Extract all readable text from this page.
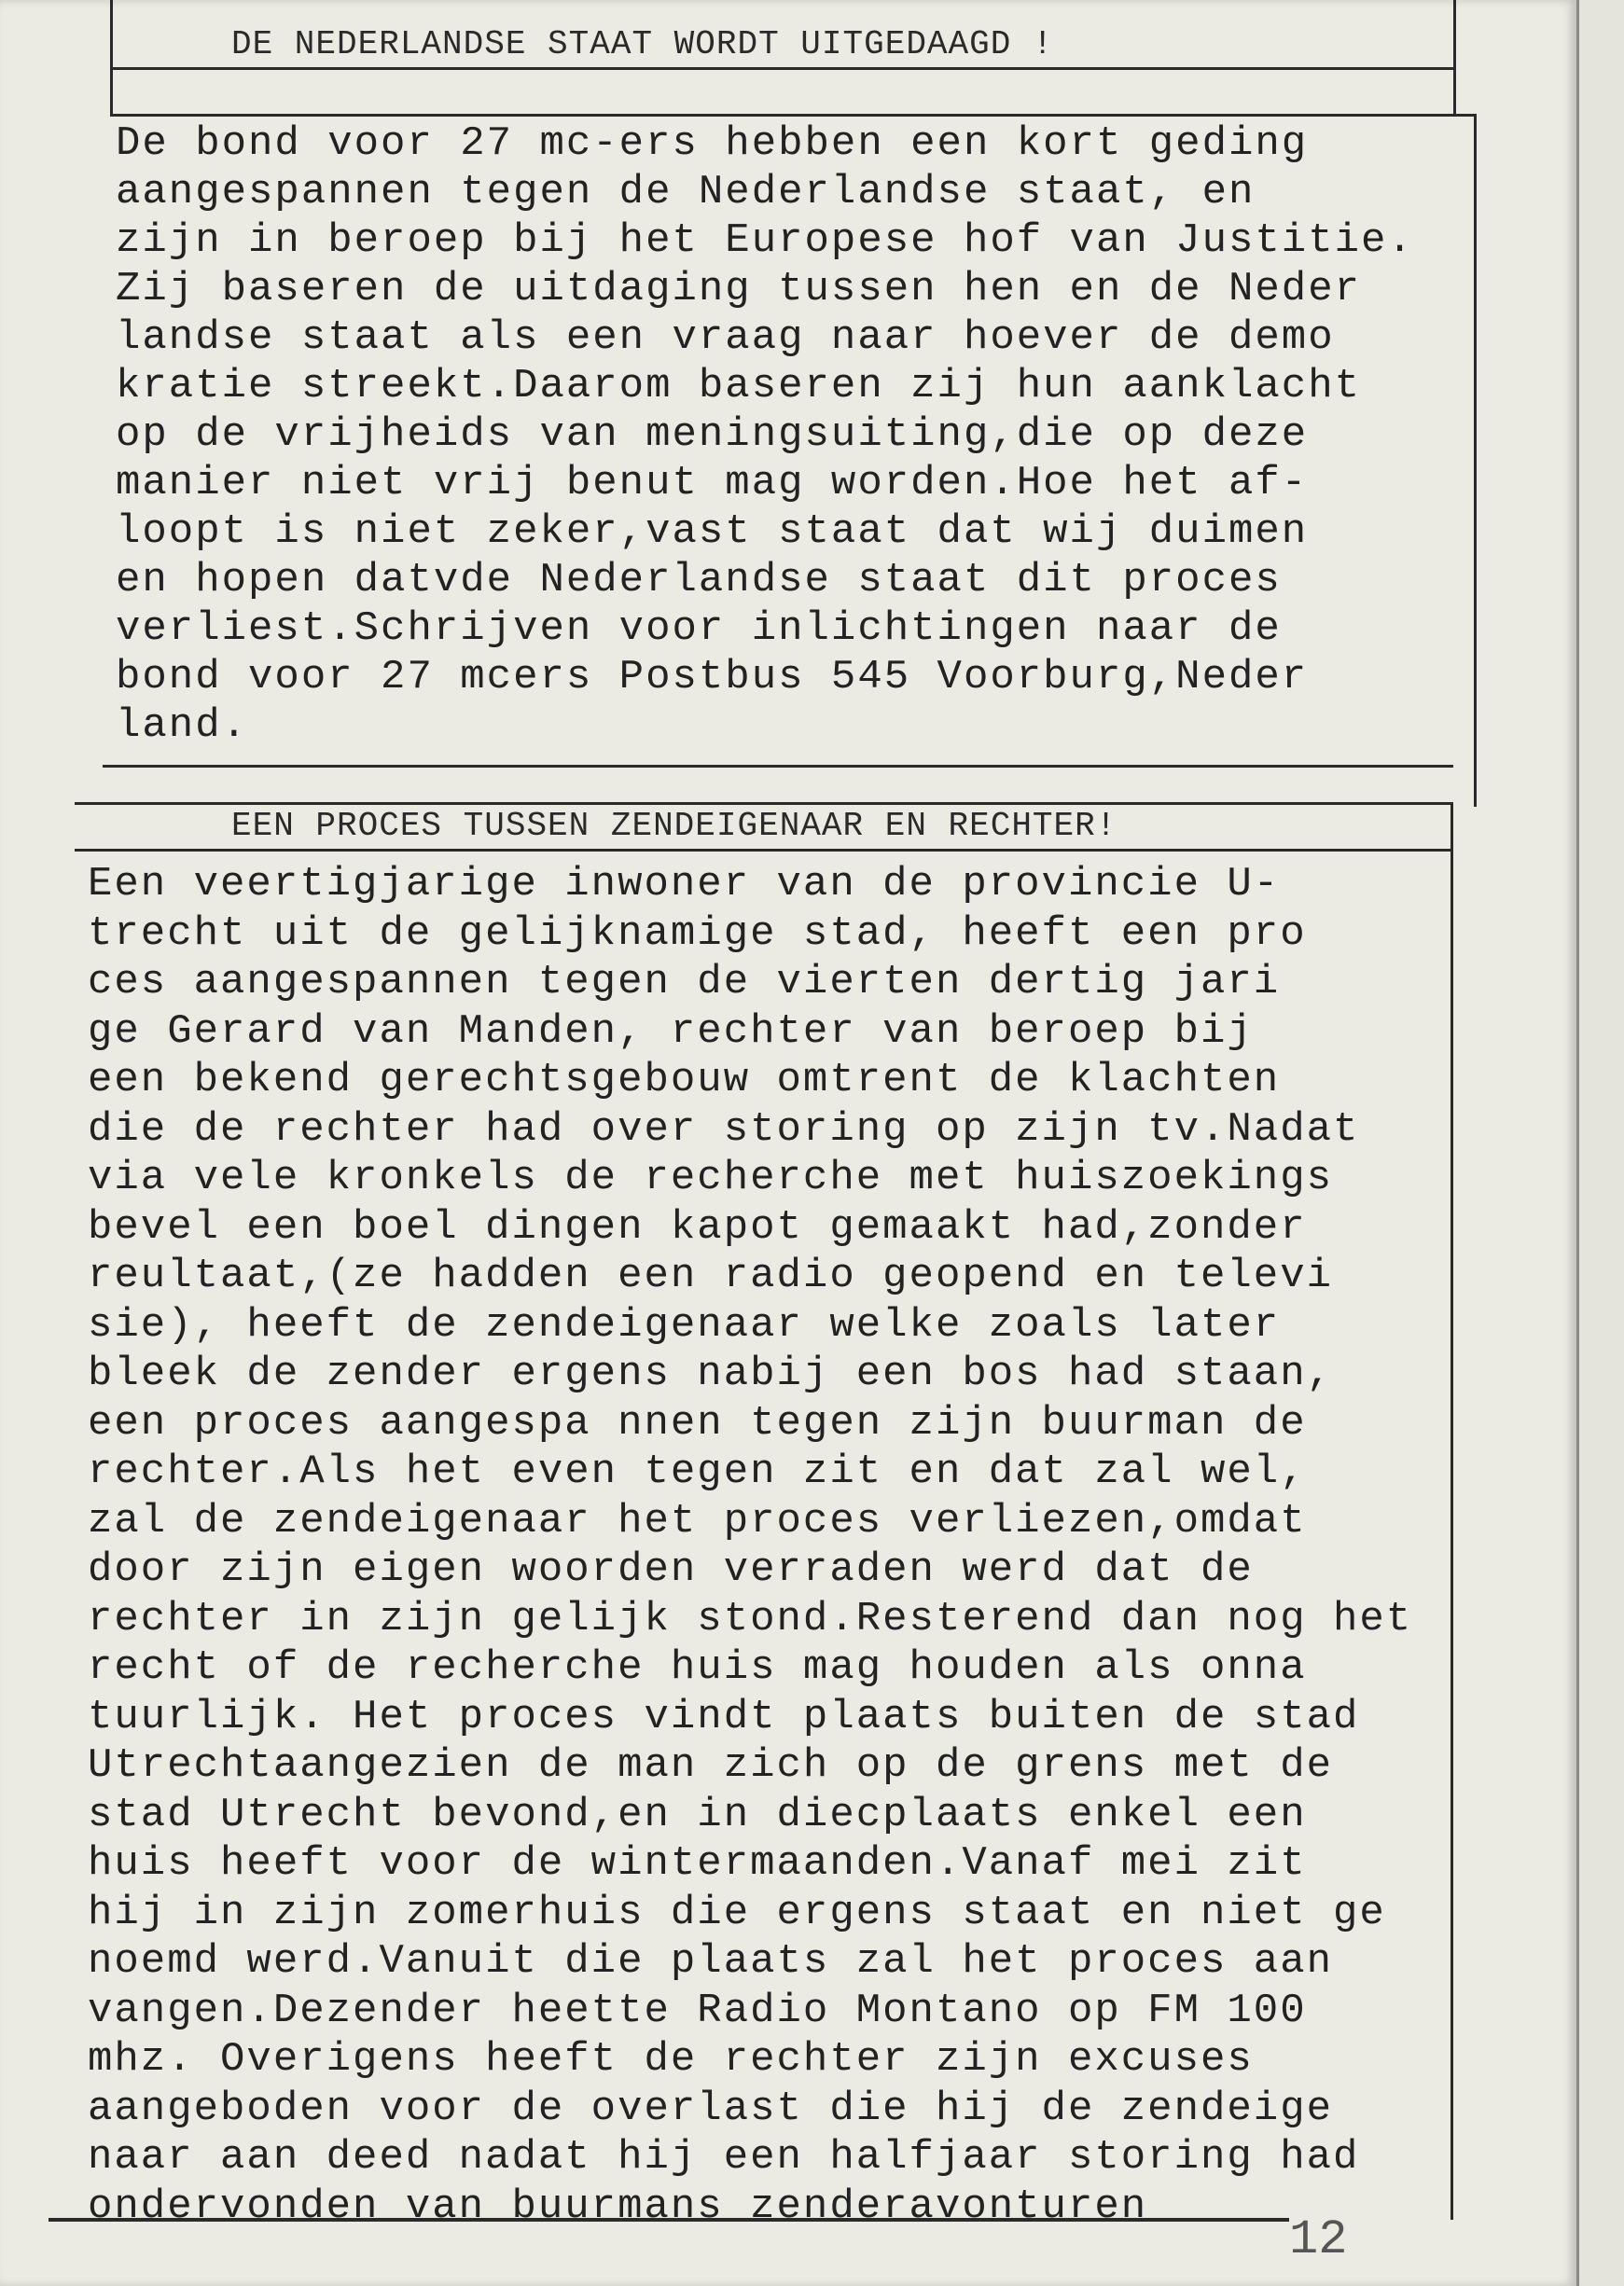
DE NEDERLANDSE STAAT WORDT UITGEDAAGD !
De bond voor 27 mc-ers hebben een kort geding
aangespannen tegen de Nederlandse staat, en
zijn in beroep bij het Europese hof van Justitie.
Zij baseren de uitdaging tussen hen en de Neder
landse staat als een vraag naar hoever de demo
kratie streekt.Daarom baseren zij hun aanklacht
op de vrijheids van meningsuiting,die op deze
manier niet vrij benut mag worden.Hoe het af-
loopt is niet zeker,vast staat dat wij duimen
en hopen datvde Nederlandse staat dit proces
verliest.Schrijven voor inlichtingen naar de
bond voor 27 mcers Postbus 545 Voorburg,Neder
land.
EEN PROCES TUSSEN ZENDEIGENAAR EN RECHTER!
Een veertigjarige inwoner van de provincie U-
trecht uit de gelijknamige stad, heeft een pro
ces aangespannen tegen de vierten dertig jari
ge Gerard van Manden, rechter van beroep bij
een bekend gerechtsgebouw omtrent de klachten
die de rechter had over storing op zijn tv.Nadat
via vele kronkels de recherche met huiszoekings
bevel een boel dingen kapot gemaakt had,zonder
reultaat,(ze hadden een radio geopend en televi
sie), heeft de zendeigenaar welke zoals later
bleek de zender ergens nabij een bos had staan,
een proces aangespa nnen tegen zijn buurman de
rechter.Als het even tegen zit en dat zal wel,
zal de zendeigenaar het proces verliezen,omdat
door zijn eigen woorden verraden werd dat de
rechter in zijn gelijk stond.Resterend dan nog het
recht of de recherche huis mag houden als onna
tuurlijk. Het proces vindt plaats buiten de stad
Utrechtaangezien de man zich op de grens met de
stad Utrecht bevond,en in diecplaats enkel een
huis heeft voor de wintermaanden.Vanaf mei zit
hij in zijn zomerhuis die ergens staat en niet ge
noemd werd.Vanuit die plaats zal het proces aan
vangen.Dezender heette Radio Montano op FM 100
mhz. Overigens heeft de rechter zijn excuses
aangeboden voor de overlast die hij de zendeige
naar aan deed nadat hij een halfjaar storing had
ondervonden van buurmans zenderavonturen
12
